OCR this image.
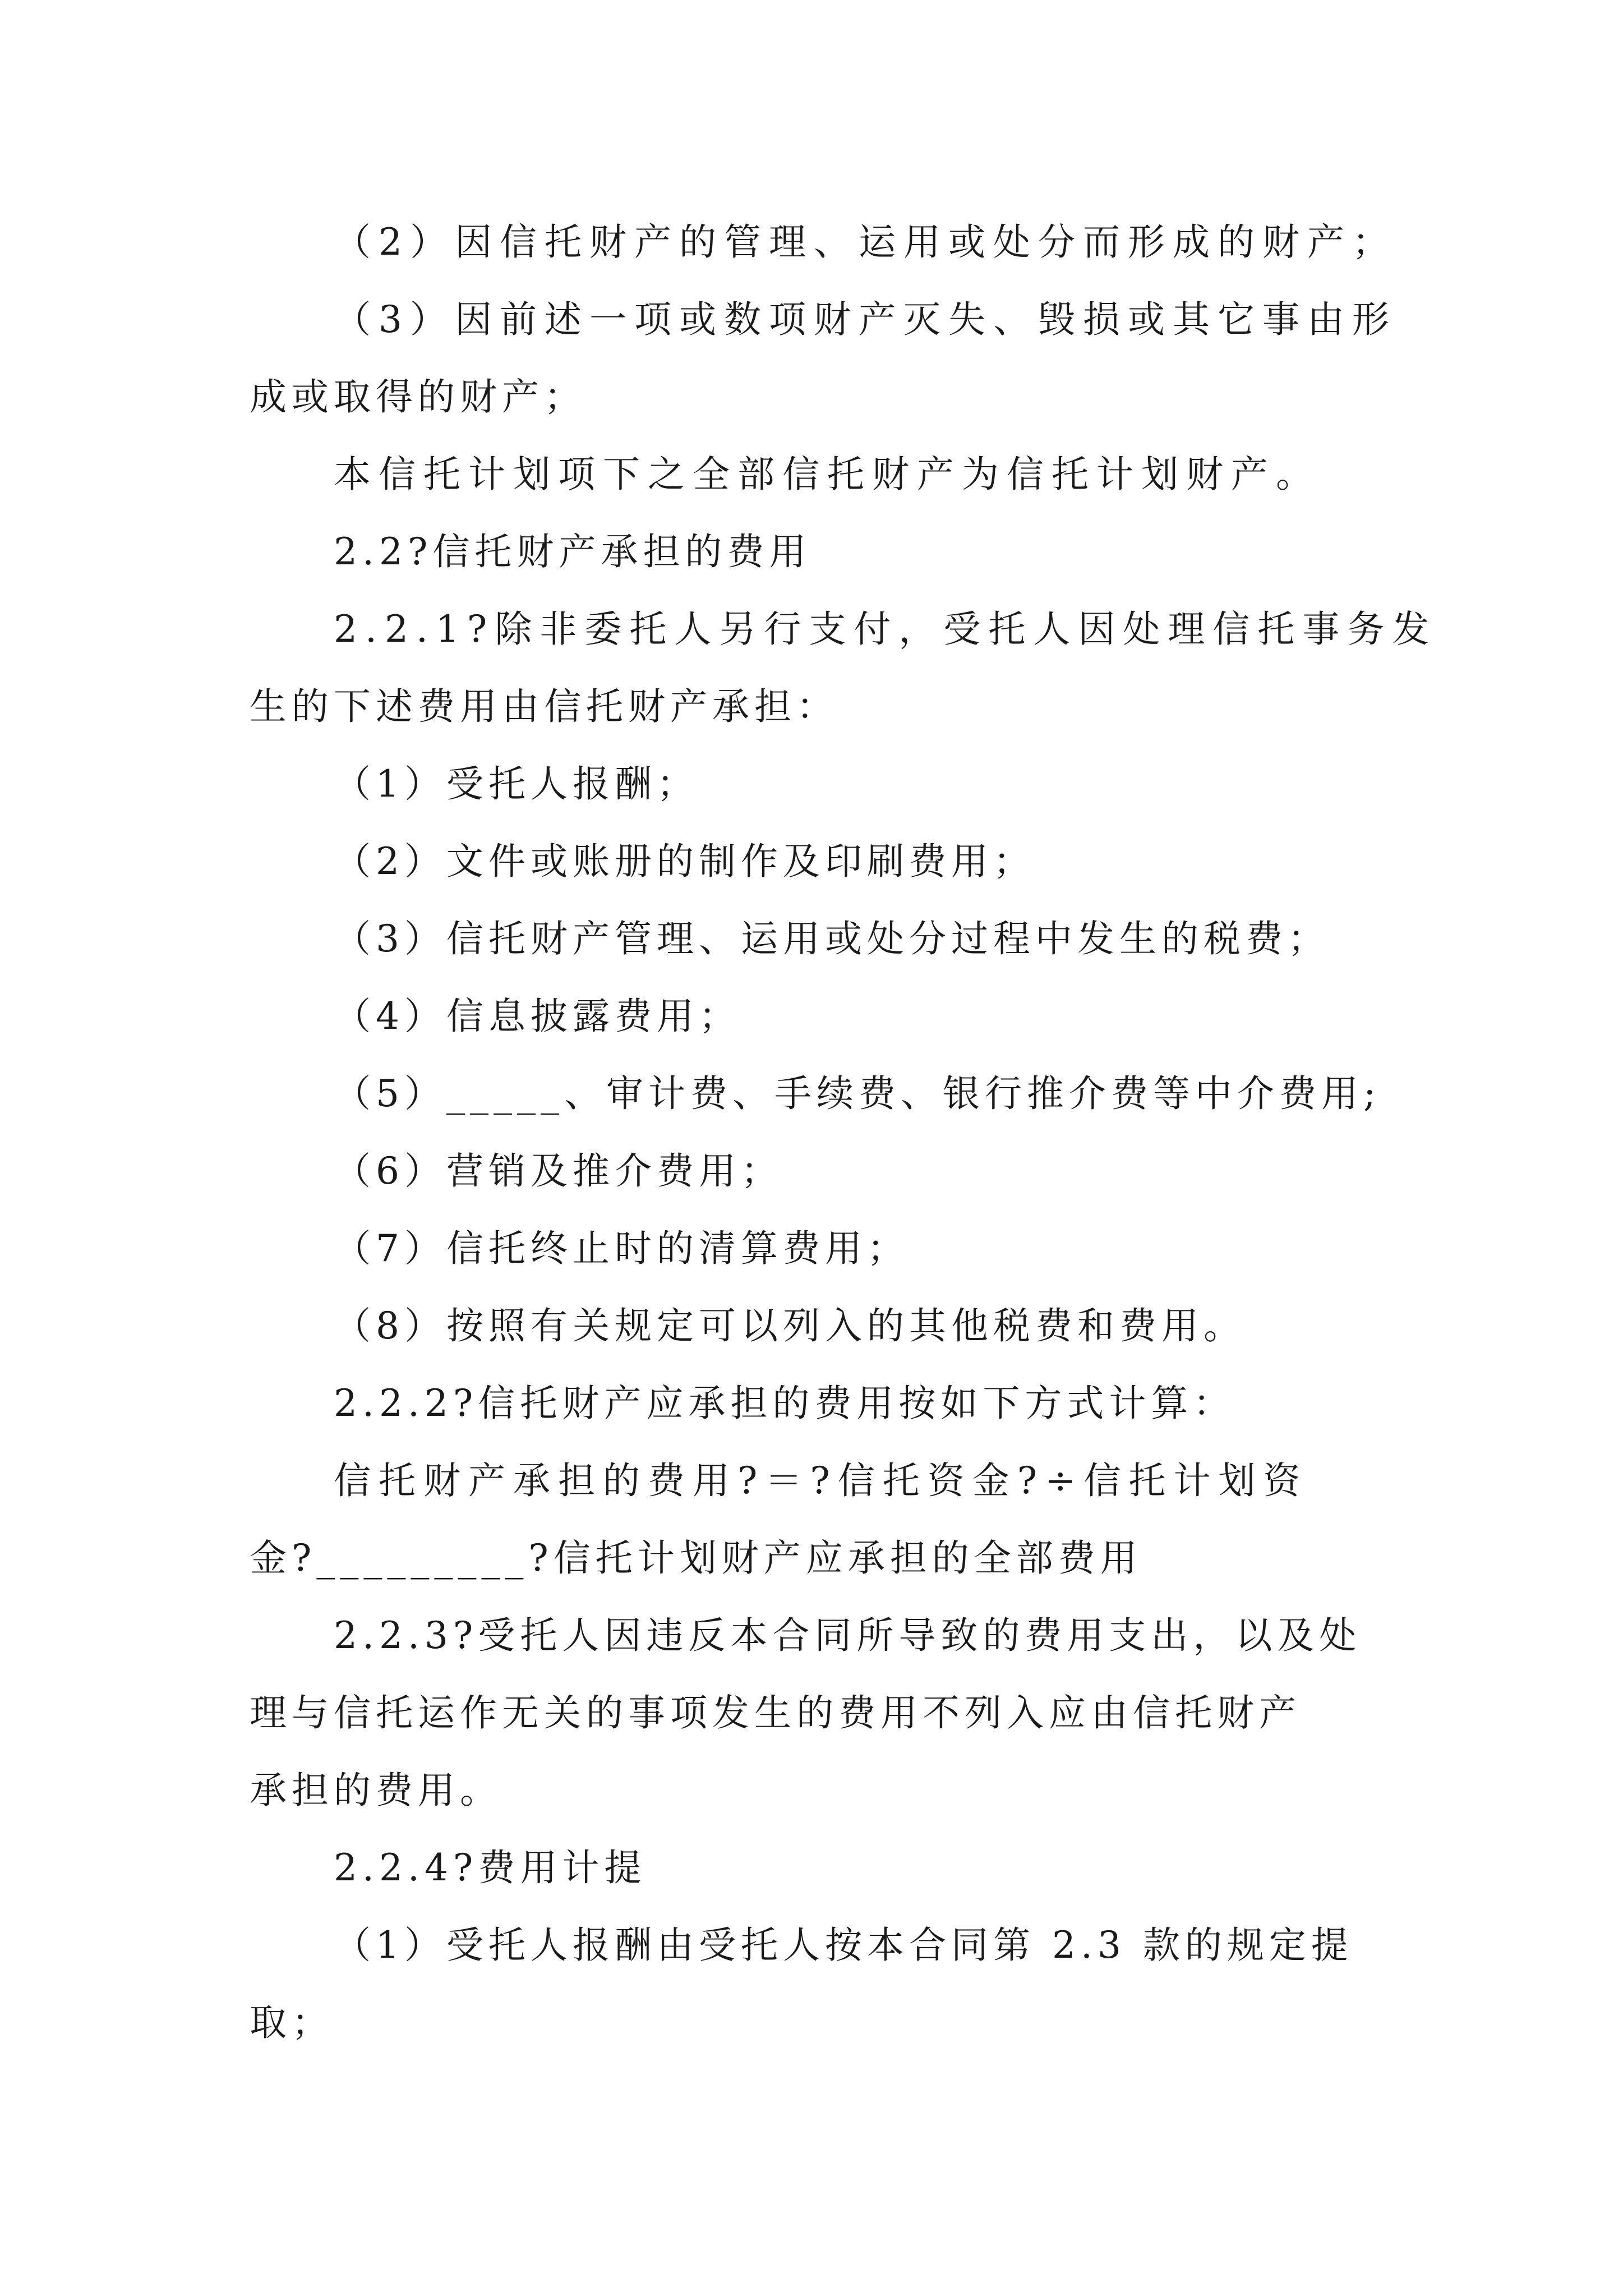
（2）因信托财产的管理、运用或处分而形成的财产；
（3）因前述一项或数项财产灭失、毁损或其它事由形
成或取得的财产；
本信托计划项下之全部信托财产为信托计划财产。
2.2?信托财产承担的费用
2.2.1?除非委托人另行支付，受托人因处理信托事务发
生的下述费用由信托财产承担：
（1）受托人报酬；
（2）文件或账册的制作及印刷费用；
（3）信托财产管理、运用或处分过程中发生的税费；
（4）信息披露费用；
（5）_____、审计费、手续费、银行推介费等中介费用;
（6）营销及推介费用；
（7）信托终止时的清算费用；
（8）按照有关规定可以列入的其他税费和费用。
2.2.2?信托财产应承担的费用按如下方式计算：
信托财产承担的费用?＝?信托资金?÷信托计划资
金?_________?信托计划财产应承担的全部费用
2.2.3?受托人因违反本合同所导致的费用支出，以及处
理与信托运作无关的事项发生的费用不列入应由信托财产
承担的费用。
2.2.4?费用计提
（1）受托人报酬由受托人按本合同第 2.3 款的规定提
取；
